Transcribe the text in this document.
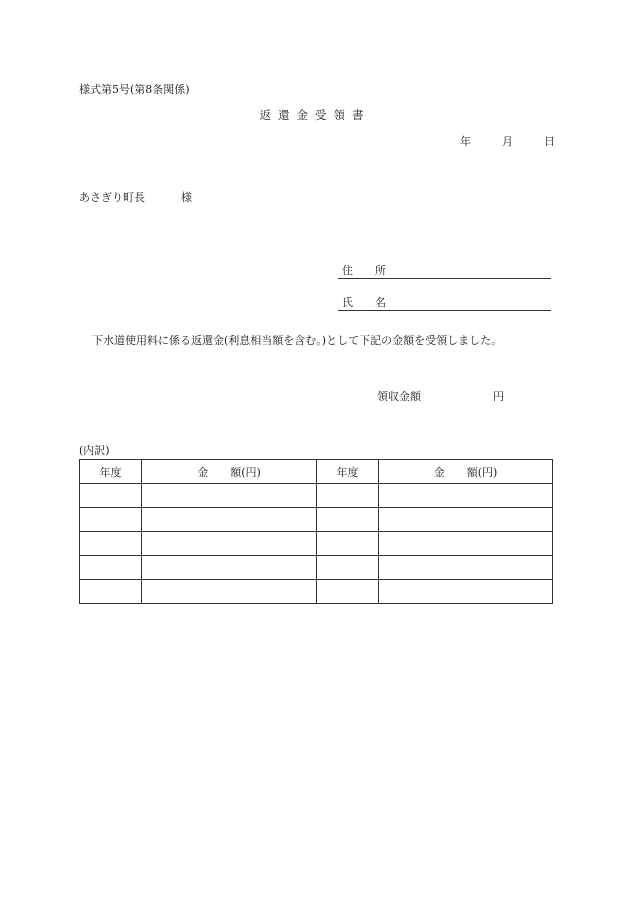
様式第5号(第8条関係)
返還金受領書
年	月	日
あさぎり町長	様
住　　所
氏　　名
下水道使用料に係る返還金(利息相当額を含む。)として下記の金額を受領しました。
領収金額	円
(内訳)
年度	金　　額(円)	年度	金　　額(円)
